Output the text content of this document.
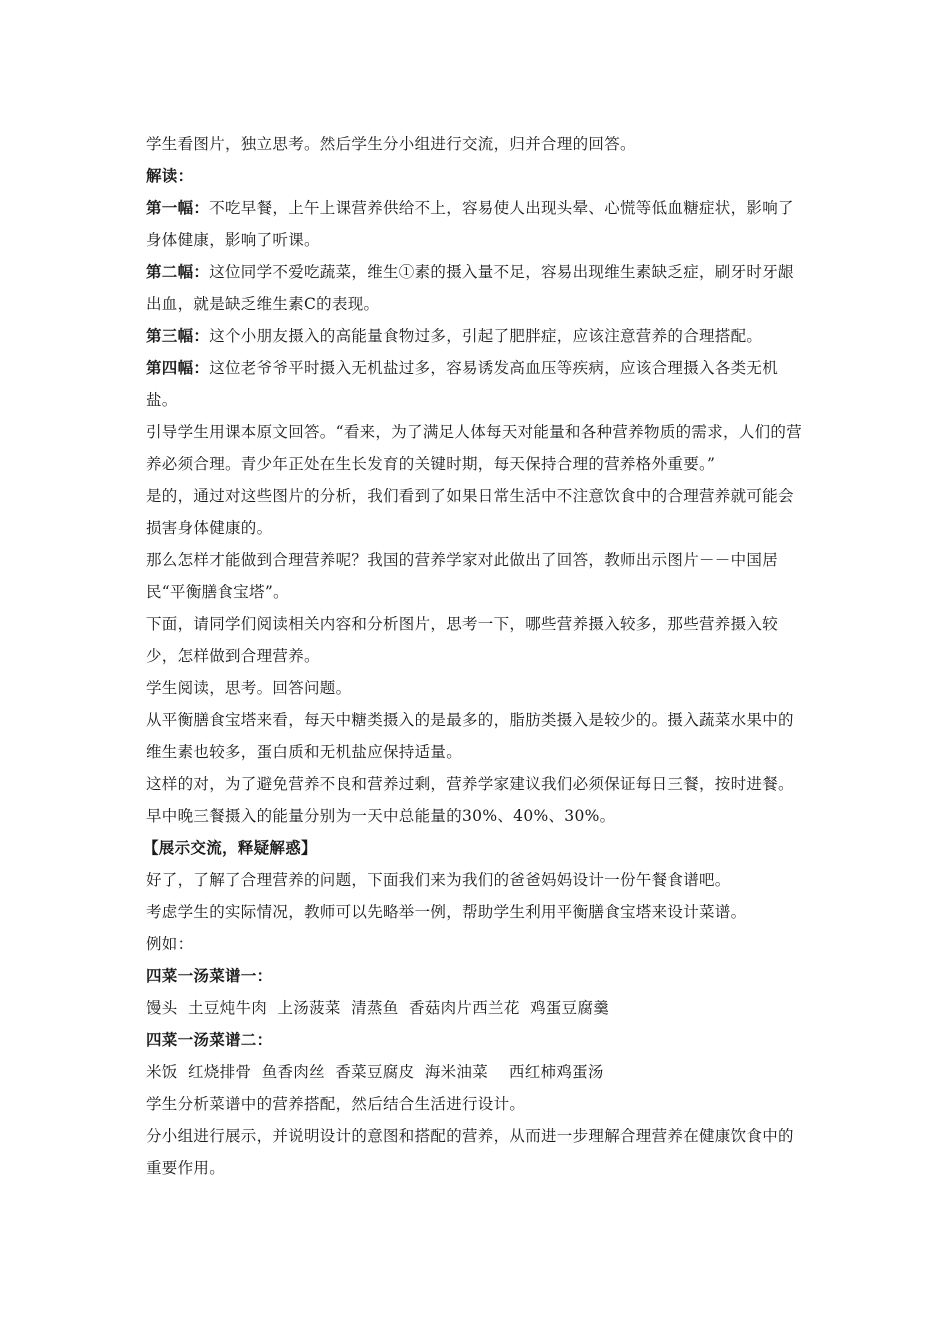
学生看图片，独立思考。然后学生分小组进行交流，归并合理的回答。

解读：

第一幅：不吃早餐，上午上课营养供给不上，容易使人出现头晕、心慌等低血糖症状，影响了身体健康，影响了听课。

第二幅：这位同学不爱吃蔬菜，维生①素的摄入量不足，容易出现维生素缺乏症，刷牙时牙龈出血，就是缺乏维生素C的表现。

第三幅：这个小朋友摄入的高能量食物过多，引起了肥胖症，应该注意营养的合理搭配。

第四幅：这位老爷爷平时摄入无机盐过多，容易诱发高血压等疾病，应该合理摄入各类无机盐。

引导学生用课本原文回答。“看来，为了满足人体每天对能量和各种营养物质的需求，人们的营养必须合理。青少年正处在生长发育的关键时期，每天保持合理的营养格外重要。”

是的，通过对这些图片的分析，我们看到了如果日常生活中不注意饮食中的合理营养就可能会损害身体健康的。

那么怎样才能做到合理营养呢？我国的营养学家对此做出了回答，教师出示图片－－中国居民“平衡膳食宝塔”。

下面，请同学们阅读相关内容和分析图片，思考一下，哪些营养摄入较多，那些营养摄入较少，怎样做到合理营养。

学生阅读，思考。回答问题。

从平衡膳食宝塔来看，每天中糖类摄入的是最多的，脂肪类摄入是较少的。摄入蔬菜水果中的维生素也较多，蛋白质和无机盐应保持适量。

这样的对，为了避免营养不良和营养过剩，营养学家建议我们必须保证每日三餐，按时进餐。早中晚三餐摄入的能量分别为一天中总能量的30%、40%、30%。

【展示交流，释疑解惑】

好了，了解了合理营养的问题，下面我们来为我们的爸爸妈妈设计一份午餐食谱吧。

考虑学生的实际情况，教师可以先略举一例，帮助学生利用平衡膳食宝塔来设计菜谱。

例如：

四菜一汤菜谱一：

馒头  土豆炖牛肉  上汤菠菜  清蒸鱼  香菇肉片西兰花  鸡蛋豆腐羹

四菜一汤菜谱二：

米饭  红烧排骨  鱼香肉丝  香菜豆腐皮  海米油菜    西红柿鸡蛋汤

学生分析菜谱中的营养搭配，然后结合生活进行设计。

分小组进行展示，并说明设计的意图和搭配的营养，从而进一步理解合理营养在健康饮食中的重要作用。
